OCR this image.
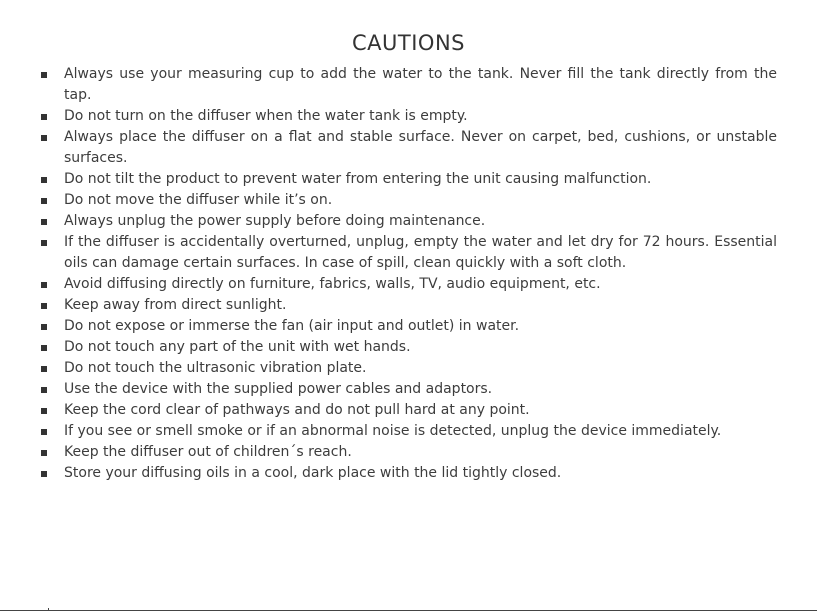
CAUTIONS
Always use your measuring cup to add the water to the tank. Never fill the tank directly from the tap.
Do not turn on the diffuser when the water tank is empty.
Always place the diffuser on a flat and stable surface. Never on carpet, bed, cushions, or unstable surfaces.
Do not tilt the product to prevent water from entering the unit causing malfunction.
Do not move the diffuser while it’s on.
Always unplug the power supply before doing maintenance.
If the diffuser is accidentally overturned, unplug, empty the water and let dry for 72 hours. Essential oils can damage certain surfaces. In case of spill, clean quickly with a soft cloth.
Avoid diffusing directly on furniture, fabrics, walls, TV, audio equipment, etc.
Keep away from direct sunlight.
Do not expose or immerse the fan (air input and outlet) in water.
Do not touch any part of the unit with wet hands.
Do not touch the ultrasonic vibration plate.
Use the device with the supplied power cables and adaptors.
Keep the cord clear of pathways and do not pull hard at any point.
If you see or smell smoke or if an abnormal noise is detected, unplug the device immediately.
Keep the diffuser out of children´s reach.
Store your diffusing oils in a cool, dark place with the lid tightly closed.
